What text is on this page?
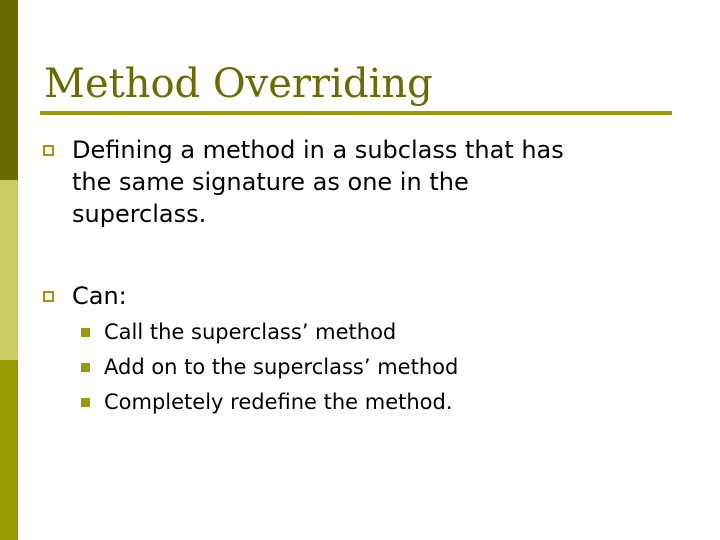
Method Overriding
Defining a method in a subclass that has
the same signature as one in the
superclass.
Can:
Call the superclass’ method
Add on to the superclass’ method
Completely redefine the method.
